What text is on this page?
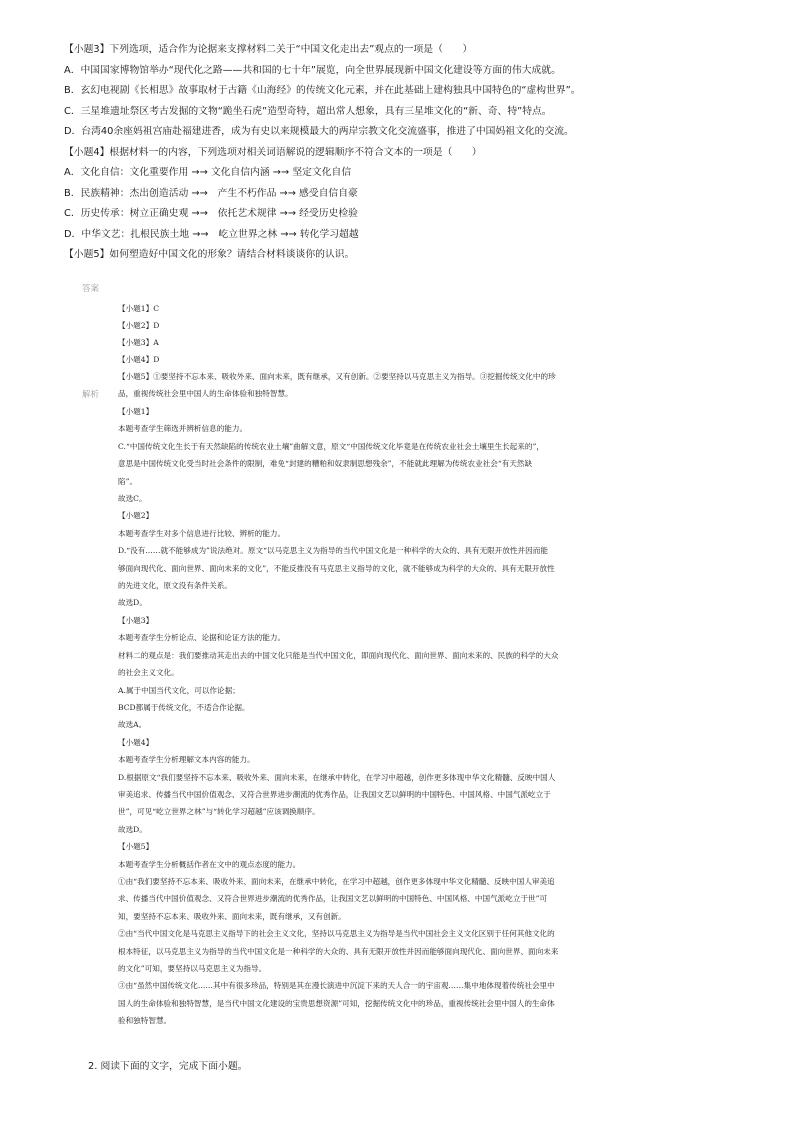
【小题3】下列选项，适合作为论据来支撑材料二关于“中国文化走出去”观点的一项是（　　）
A．中国国家博物馆举办“现代化之路——共和国的七十年”展览，向全世界展现新中国文化建设等方面的伟大成就。
B．玄幻电视剧《长相思》故事取材于古籍《山海经》的传统文化元素，并在此基础上建构独具中国特色的“虚构世界”。
C．三星堆遗址祭区考古发掘的文物“跪坐石虎”造型奇特，超出常人想象，具有三星堆文化的“新、奇、特”特点。
D．台湾40余座妈祖宫庙赴福建进香，成为有史以来规模最大的两岸宗教文化交流盛事，推进了中国妈祖文化的交流。
【小题4】根据材料一的内容，下列选项对相关词语解说的逻辑顺序不符合文本的一项是（　　）
A．文化自信：文化重要作用 →→ 文化自信内涵 →→ 坚定文化自信
B．民族精神：杰出创造活动 →→　产生不朽作品 →→ 感受自信自豪
C．历史传承：树立正确史观 →→　依托艺术规律 →→ 经受历史检验
D．中华文艺：扎根民族土地 →→　屹立世界之林 →→ 转化学习超越
【小题5】如何塑造好中国文化的形象？请结合材料谈谈你的认识。
答案
【小题1】C
【小题2】D
【小题3】A
【小题4】D
【小题5】①要坚持不忘本来、吸收外来、面向未来，既有继承，又有创新。②要坚持以马克思主义为指导。③挖掘传统文化中的珍
品，重视传统社会里中国人的生命体验和独特智慧。
解析
【小题1】
本题考查学生筛选并辨析信息的能力。
C.“中国传统文化生长于有天然缺陷的传统农业土壤”曲解文意，原文“中国传统文化毕竟是在传统农业社会土壤里生长起来的”，
意思是中国传统文化受当时社会条件的限制，难免“封建的糟粕和奴隶制思想残余”，不能就此理解为传统农业社会“有天然缺
陷”。
故选C。
【小题2】
本题考查学生对多个信息进行比较、辨析的能力。
D.“没有……就不能够成为”说法绝对。原文“以马克思主义为指导的当代中国文化是一种科学的大众的、具有无限开放性并因而能
够面向现代化、面向世界、面向未来的文化”，不能反推没有马克思主义指导的文化，就不能够成为科学的大众的、具有无限开放性
的先进文化，原文没有条件关系。
故选D。
【小题3】
本题考查学生分析论点、论据和论证方法的能力。
材料二的观点是：我们要推动其走出去的中国文化只能是当代中国文化，即面向现代化、面向世界、面向未来的、民族的科学的大众
的社会主义文化。
A.属于中国当代文化，可以作论据；
BCD都属于传统文化，不适合作论据。
故选A。
【小题4】
本题考查学生分析理解文本内容的能力。
D.根据原文“我们要坚持不忘本来、吸收外来、面向未来，在继承中转化，在学习中超越，创作更多体现中华文化精髓、反映中国人
审美追求、传播当代中国价值观念、又符合世界进步潮流的优秀作品，让我国文艺以鲜明的中国特色、中国风格、中国气派屹立于
世”，可见“屹立世界之林”与“转化学习超越”应该调换顺序。
故选D。
【小题5】
本题考查学生分析概括作者在文中的观点态度的能力。
①由“我们要坚持不忘本来、吸收外来、面向未来，在继承中转化，在学习中超越，创作更多体现中华文化精髓、反映中国人审美追
求、传播当代中国价值观念、又符合世界进步潮流的优秀作品，让我国文艺以鲜明的中国特色、中国风格、中国气派屹立于世”可
知，要坚持不忘本来、吸收外来、面向未来，既有继承，又有创新。
②由“当代中国文化是马克思主义指导下的社会主义文化，坚持以马克思主义为指导是当代中国社会主义文化区别于任何其他文化的
根本特征，以马克思主义为指导的当代中国文化是一种科学的大众的、具有无限开放性并因而能够面向现代化、面向世界、面向未来
的文化”可知，要坚持以马克思主义为指导。
③由“虽然中国传统文化……其中有很多珍品，特别是其在漫长演进中沉淀下来的天人合一的宇宙观……集中地体现着传统社会里中
国人的生命体验和独特智慧，是当代中国文化建设的宝贵思想资源”可知，挖掘传统文化中的珍品，重视传统社会里中国人的生命体
验和独特智慧。
2. 阅读下面的文字，完成下面小题。
